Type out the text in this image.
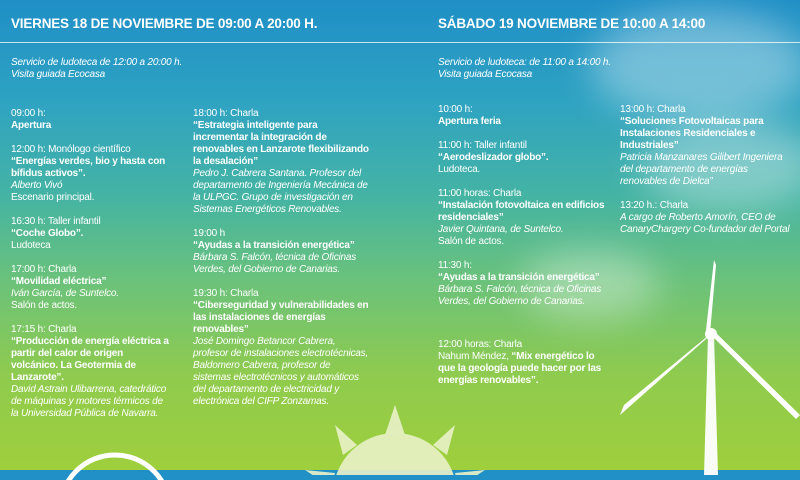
VIERNES 18 DE NOVIEMBRE DE 09:00 A 20:00 H.	SÁBADO 19 NOVIEMBRE DE 10:00 A 14:00

Servicio de ludoteca de 12:00 a 20:00 h.

Visita guiada Ecocasa

Servicio de ludoteca: de 11:00 a 14:00 h.

Visita guiada Ecocasa

09:00 h:

Apertura

12:00 h: Monólogo científico

“Energías verdes, bio y hasta con bífidus activos”.

Alberto Vivó

Escenario principal.

16:30 h: Taller infantil

“Coche Globo”.

Ludoteca

17:00 h: Charla

“Movilidad eléctrica”

Iván García, de Suntelco.

Salón de actos.

17:15 h: Charla

“Producción de energía eléctrica a partir del calor de origen volcánico. La Geotermia de Lanzarote”.

David Astrain Ulibarrena, catedrático de máquinas y motores térmicos de la Universidad Pública de Navarra.

18:00 h: Charla

“Estrategia inteligente para incrementar la integración de renovables en Lanzarote flexibilizando la desalación”

Pedro J. Cabrera Santana. Profesor del departamento de Ingeniería Mecánica de la ULPGC. Grupo de investigación en Sistemas Energéticos Renovables.

19:00 h

“Ayudas a la transición energética”

Bárbara S. Falcón, técnica de Oficinas Verdes, del Gobierno de Canarias.

19:30 h: Charla

“Ciberseguridad y vulnerabilidades en las instalaciones de energías renovables”

José Domingo Betancor Cabrera, profesor de instalaciones electrotécnicas, Baldomero Cabrera, profesor de sistemas electrotécnicos y automáticos del departamento de electricidad y electrónica del CIFP Zonzamas.

10:00 h:

Apertura feria

11:00 h: Taller infantil

“Aerodeslizador globo”.

Ludoteca.

11:00 horas: Charla

“Instalación fotovoltaica en edificios residenciales”

Javier Quintana, de Suntelco.

Salón de actos.

11:30 h:

“Ayudas a la transición energética”

Bárbara S. Falcón, técnica de Oficinas Verdes, del Gobierno de Canarias.

13:00 h: Charla

“Soluciones Fotovoltaicas para Instalaciones Residenciales e Industriales”

Patricia Manzanares Gilibert Ingeniera del departamento de energías renovables de Dielca”

13:20 h.: Charla

A cargo de Roberto Amorín, CEO de CanaryChargery Co-fundador del Portal

12:00 horas: Charla

Nahum Méndez, “Mix energético lo que la geología puede hacer por las energías renovables”.
